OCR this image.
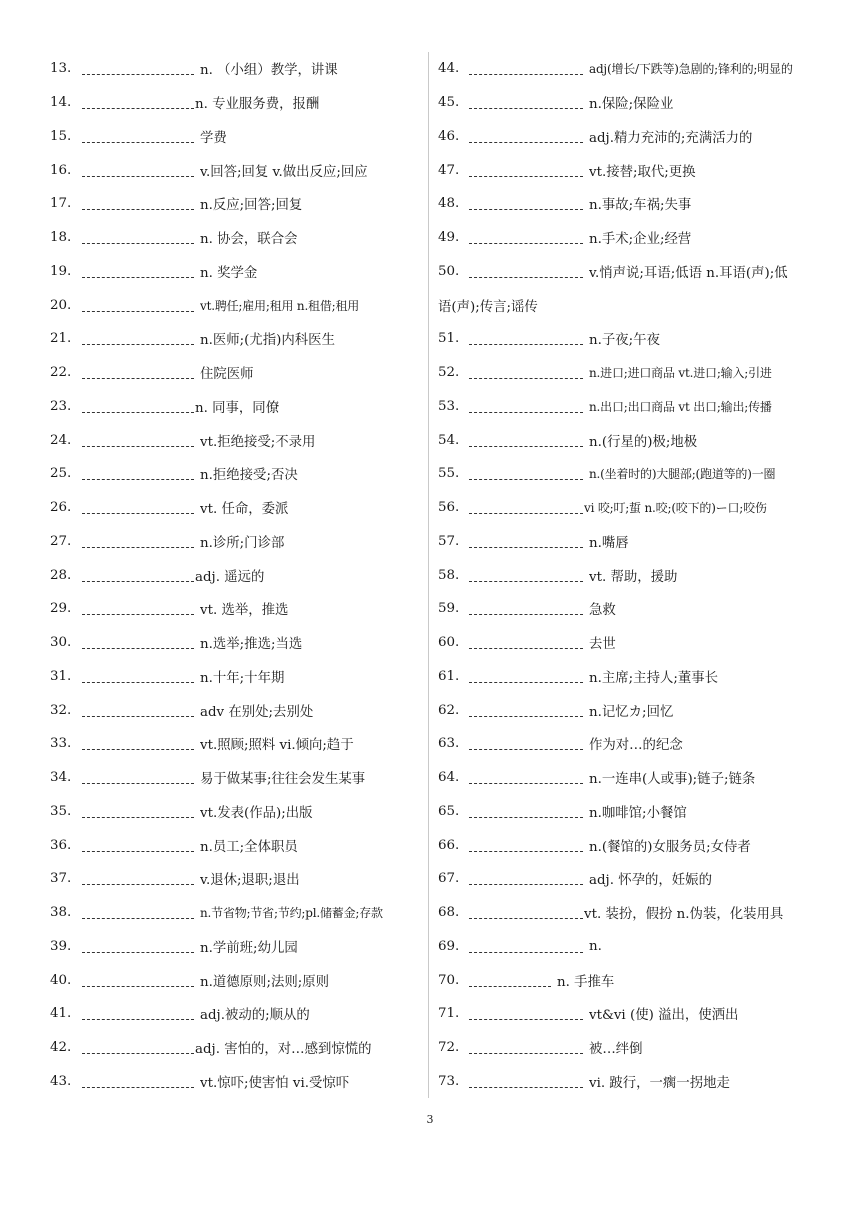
13.	n. （小组）教学，讲课
14.	n. 专业服务费，报酬
15.	学费
16.	v.回答;回复 v.做出反应;回应
17.	n.反应;回答;回复
18.	n. 协会，联合会
19.	n. 奖学金
20.	vt.聘任;雇用;租用 n.租借;租用
21.	n.医师;(尤指)内科医生
22.	住院医师
23.	n. 同事，同僚
24.	vt.拒绝接受;不录用
25.	n.拒绝接受;否决
26.	vt. 任命，委派
27.	n.诊所;门诊部
28.	adj. 遥远的
29.	vt. 选举，推选
30.	n.选举;推选;当选
31.	n.十年;十年期
32.	adv 在别处;去别处
33.	vt.照顾;照料 vi.倾向;趋于
34.	易于做某事;往往会发生某事
35.	vt.发表(作品);出版
36.	n.员工;全体职员
37.	v.退休;退职;退出
38.	n.节省物;节省;节约;pl.储蓄金;存款
39.	n.学前班;幼儿园
40.	n.道德原则;法则;原则
41.	adj.被动的;顺从的
42.	adj. 害怕的，对…感到惊慌的
43.	vt.惊吓;使害怕 vi.受惊吓
44.	adj(增长/下跌等)急剧的;锋利的;明显的
45.	n.保险;保险业
46.	adj.精力充沛的;充满活力的
47.	vt.接替;取代;更换
48.	n.事故;车祸;失事
49.	n.手术;企业;经营
50.	v.悄声说;耳语;低语 n.耳语(声);低
语(声);传言;谣传
51.	n.子夜;午夜
52.	n.进口;进口商品 vt.进口;输入;引进
53.	n.出口;出口商品 vt 出口;输出;传播
54.	n.(行星的)极;地极
55.	n.(坐着时的)大腿部;(跑道等的)一圈
56.	vi 咬;叮;蜇 n.咬;(咬下的)ー口;咬伤
57.	n.嘴唇
58.	vt. 帮助，援助
59.	急救
60.	去世
61.	n.主席;主持人;董事长
62.	n.记忆カ;回忆
63.	作为对…的纪念
64.	n.一连串(人或事);链子;链条
65.	n.咖啡馆;小餐馆
66.	n.(餐馆的)女服务员;女侍者
67.	adj. 怀孕的，妊娠的
68.	vt. 装扮，假扮 n.伪装，化装用具
69.	n.
70.	n. 手推车
71.	vt&vi (使) 溢出，使洒出
72.	被…绊倒
73.	vi. 跛行，一瘸一拐地走
3
